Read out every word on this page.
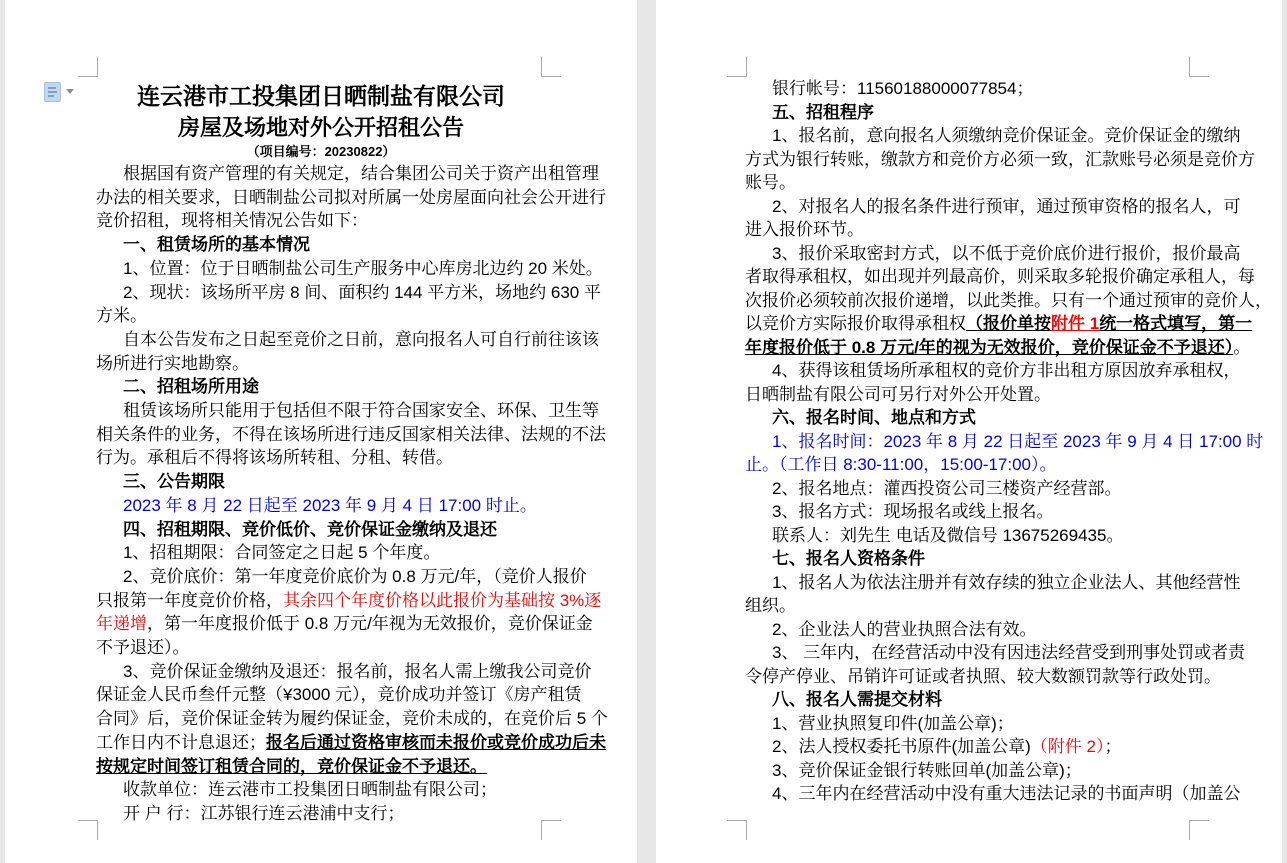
连云港市工投集团日晒制盐有限公司
房屋及场地对外公开招租公告
（项目编号：20230822）
根据国有资产管理的有关规定，结合集团公司关于资产出租管理
办法的相关要求，日晒制盐公司拟对所属一处房屋面向社会公开进行
竞价招租，现将相关情况公告如下：
一、租赁场所的基本情况
1、位置：位于日晒制盐公司生产服务中心库房北边约 20 米处。
2、现状：该场所平房 8 间、面积约 144 平方米，场地约 630 平
方米。
自本公告发布之日起至竞价之日前，意向报名人可自行前往该该
场所进行实地勘察。
二、招租场所用途
租赁该场所只能用于包括但不限于符合国家安全、环保、卫生等
相关条件的业务，不得在该场所进行违反国家相关法律、法规的不法
行为。承租后不得将该场所转租、分租、转借。
三、公告期限
2023 年 8 月 22 日起至 2023 年 9 月 4 日 17:00 时止。
四、招租期限、竞价低价、竞价保证金缴纳及退还
1、招租期限：合同签定之日起 5 个年度。
2、竞价底价：第一年度竞价底价为 0.8 万元/年，（竞价人报价
只报第一年度竞价价格，其余四个年度价格以此报价为基础按 3%逐
年递增，第一年度报价低于 0.8 万元/年视为无效报价，竞价保证金
不予退还）。
3、竞价保证金缴纳及退还：报名前，报名人需上缴我公司竞价
保证金人民币叁仟元整（¥3000 元），竞价成功并签订《房产租赁
合同》后，竞价保证金转为履约保证金，竞价未成的，在竞价后 5 个
工作日内不计息退还；报名后通过资格审核而未报价或竞价成功后未
按规定时间签订租赁合同的，竞价保证金不予退还。
收款单位：连云港市工投集团日晒制盐有限公司；
开 户 行：江苏银行连云港浦中支行；
银行帐号：11560188000077854；
五、招租程序
1、报名前，意向报名人须缴纳竞价保证金。竞价保证金的缴纳
方式为银行转账，缴款方和竞价方必须一致，汇款账号必须是竞价方
账号。
2、对报名人的报名条件进行预审，通过预审资格的报名人，可
进入报价环节。
3、报价采取密封方式，以不低于竞价底价进行报价，报价最高
者取得承租权，如出现并列最高价，则采取多轮报价确定承租人，每
次报价必须较前次报价递增，以此类推。只有一个通过预审的竞价人，
以竞价方实际报价取得承租权（报价单按附件 1统一格式填写，第一
年度报价低于 0.8 万元/年的视为无效报价，竞价保证金不予退还）。
4、获得该租赁场所承租权的竞价方非出租方原因放弃承租权，
日晒制盐有限公司可另行对外公开处置。
六、报名时间、地点和方式
1、报名时间：2023 年 8 月 22 日起至 2023 年 9 月 4 日 17:00 时
止。（工作日 8:30-11:00，15:00-17:00）。
2、报名地点：灌西投资公司三楼资产经营部。
3、报名方式：现场报名或线上报名。
联系人：刘先生 电话及微信号 13675269435。
七、报名人资格条件
1、报名人为依法注册并有效存续的独立企业法人、其他经营性
组织。
2、企业法人的营业执照合法有效。
3、 三年内，在经营活动中没有因违法经营受到刑事处罚或者责
令停产停业、吊销许可证或者执照、较大数额罚款等行政处罚。
八、报名人需提交材料
1、营业执照复印件(加盖公章)；
2、法人授权委托书原件(加盖公章)（附件 2）；
3、竞价保证金银行转账回单(加盖公章)；
4、三年内在经营活动中没有重大违法记录的书面声明（加盖公
